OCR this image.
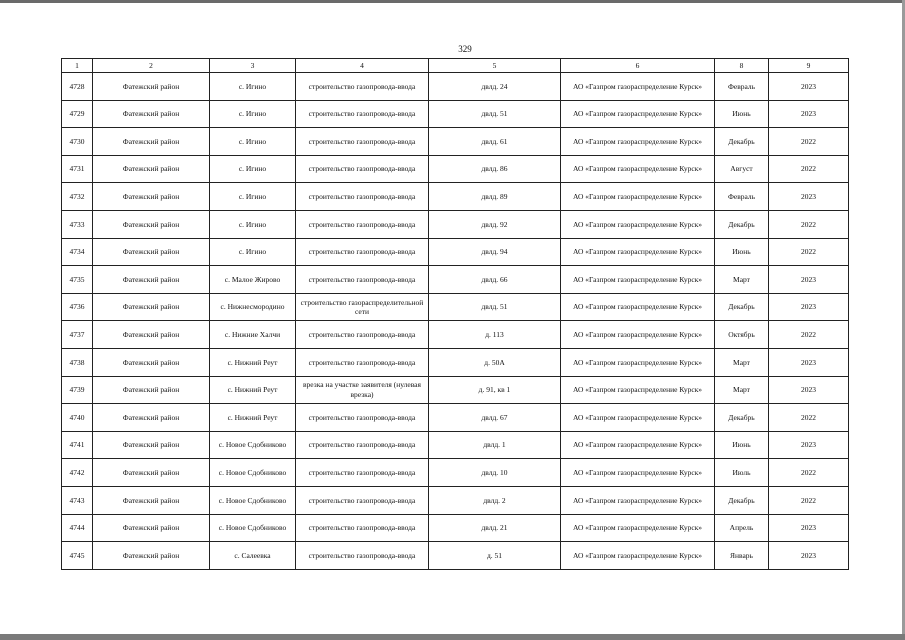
329
1	2	3	4	5	6	8	9
4728	Фатежский район	с. Игино	строительство газопровода-ввода	двлд. 24	АО «Газпром газораспределение Курск»	Февраль	2023
4729	Фатежский район	с. Игино	строительство газопровода-ввода	двлд. 51	АО «Газпром газораспределение Курск»	Июнь	2023
4730	Фатежский район	с. Игино	строительство газопровода-ввода	двлд. 61	АО «Газпром газораспределение Курск»	Декабрь	2022
4731	Фатежский район	с. Игино	строительство газопровода-ввода	двлд. 86	АО «Газпром газораспределение Курск»	Август	2022
4732	Фатежский район	с. Игино	строительство газопровода-ввода	двлд. 89	АО «Газпром газораспределение Курск»	Февраль	2023
4733	Фатежский район	с. Игино	строительство газопровода-ввода	двлд. 92	АО «Газпром газораспределение Курск»	Декабрь	2022
4734	Фатежский район	с. Игино	строительство газопровода-ввода	двлд. 94	АО «Газпром газораспределение Курск»	Июнь	2022
4735	Фатежский район	с. Малое Жирово	строительство газопровода-ввода	двлд. 66	АО «Газпром газораспределение Курск»	Март	2023
4736	Фатежский район	с. Нижнесмородино	строительство газораспределительной сети	двлд. 51	АО «Газпром газораспределение Курск»	Декабрь	2023
4737	Фатежский район	с. Нижние Халчи	строительство газопровода-ввода	д. 113	АО «Газпром газораспределение Курск»	Октябрь	2022
4738	Фатежский район	с. Нижний Реут	строительство газопровода-ввода	д. 50А	АО «Газпром газораспределение Курск»	Март	2023
4739	Фатежский район	с. Нижний Реут	врезка на участке заявителя (нулевая врезка)	д. 91, кв 1	АО «Газпром газораспределение Курск»	Март	2023
4740	Фатежский район	с. Нижний Реут	строительство газопровода-ввода	двлд. 67	АО «Газпром газораспределение Курск»	Декабрь	2022
4741	Фатежский район	с. Новое Сдобниково	строительство газопровода-ввода	двлд. 1	АО «Газпром газораспределение Курск»	Июнь	2023
4742	Фатежский район	с. Новое Сдобниково	строительство газопровода-ввода	двлд. 10	АО «Газпром газораспределение Курск»	Июль	2022
4743	Фатежский район	с. Новое Сдобниково	строительство газопровода-ввода	двлд. 2	АО «Газпром газораспределение Курск»	Декабрь	2022
4744	Фатежский район	с. Новое Сдобниково	строительство газопровода-ввода	двлд. 21	АО «Газпром газораспределение Курск»	Апрель	2023
4745	Фатежский район	с. Салеевка	строительство газопровода-ввода	д. 51	АО «Газпром газораспределение Курск»	Январь	2023
